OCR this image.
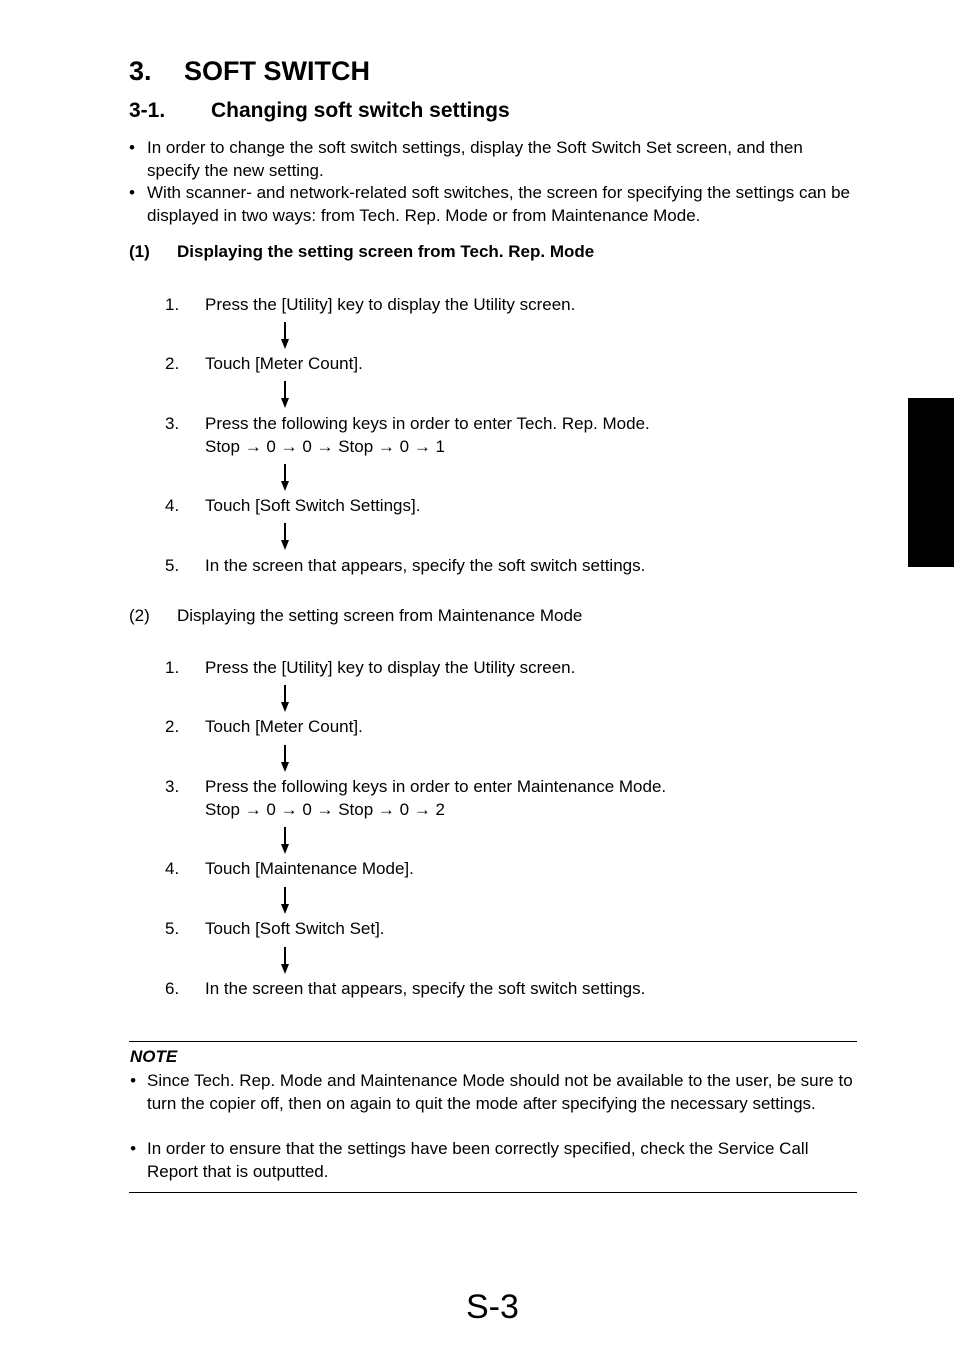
3. SOFT SWITCH
3-1. Changing soft switch settings
• In order to change the soft switch settings, display the Soft Switch Set screen, and then specify the new setting.
• With scanner- and network-related soft switches, the screen for specifying the settings can be displayed in two ways: from Tech. Rep. Mode or from Maintenance Mode.
(1) Displaying the setting screen from Tech. Rep. Mode
1. Press the [Utility] key to display the Utility screen.
2. Touch [Meter Count].
3. Press the following keys in order to enter Tech. Rep. Mode.
Stop → 0 → 0 → Stop → 0 → 1
4. Touch [Soft Switch Settings].
5. In the screen that appears, specify the soft switch settings.
(2) Displaying the setting screen from Maintenance Mode
1. Press the [Utility] key to display the Utility screen.
2. Touch [Meter Count].
3. Press the following keys in order to enter Maintenance Mode.
Stop → 0 → 0 → Stop → 0 → 2
4. Touch [Maintenance Mode].
5. Touch [Soft Switch Set].
6. In the screen that appears, specify the soft switch settings.
NOTE
• Since Tech. Rep. Mode and Maintenance Mode should not be available to the user, be sure to turn the copier off, then on again to quit the mode after specifying the necessary settings.
• In order to ensure that the settings have been correctly specified, check the Service Call Report that is outputted.
S-3
